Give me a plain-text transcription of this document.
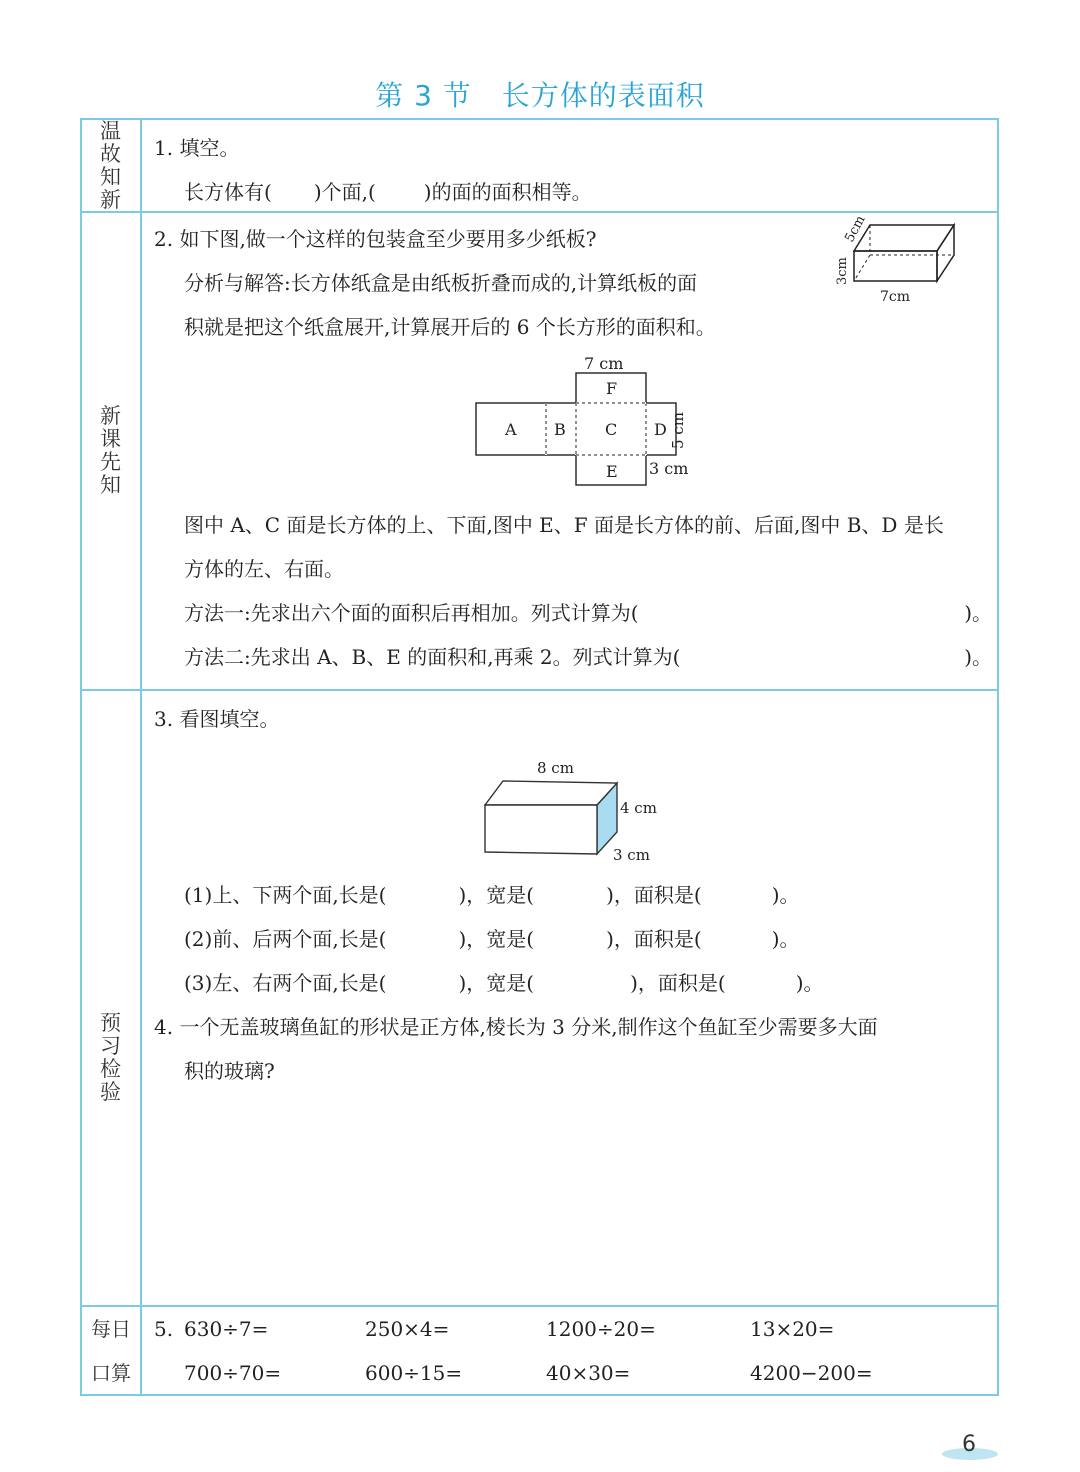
第 3 节 长方体的表面积
温故知新
1. 填空。
长方体有( )个面,( )的面的面积相等。
新课先知
2. 如下图,做一个这样的包装盒至少要用多少纸板?
分析与解答:长方体纸盒是由纸板折叠而成的,计算纸板的面
积就是把这个纸盒展开,计算展开后的 6 个长方形的面积和。
5cm
3cm
7cm
7 cm
F
A B C D
E
5 cm
3 cm
图中 A、C 面是长方体的上、下面,图中 E、F 面是长方体的前、后面,图中 B、D 是长
方体的左、右面。
方法一:先求出六个面的面积后再相加。列式计算为(	)。
方法二:先求出 A、B、E 的面积和,再乘 2。列式计算为(	)。
预习检验
3. 看图填空。
8 cm
4 cm
3 cm
(1)上、下两个面,长是(	)，宽是(	)，面积是(	)。
(2)前、后两个面,长是(	)，宽是(	)，面积是(	)。
(3)左、右两个面,长是(	)，宽是(	)，面积是(	)。
4. 一个无盖玻璃鱼缸的形状是正方体,棱长为 3 分米,制作这个鱼缸至少需要多大面
积的玻璃?
每日
口算
5. 630÷7=	250×4=	1200÷20=	13×20=
700÷70=	600÷15=	40×30=	4200−200=
6
